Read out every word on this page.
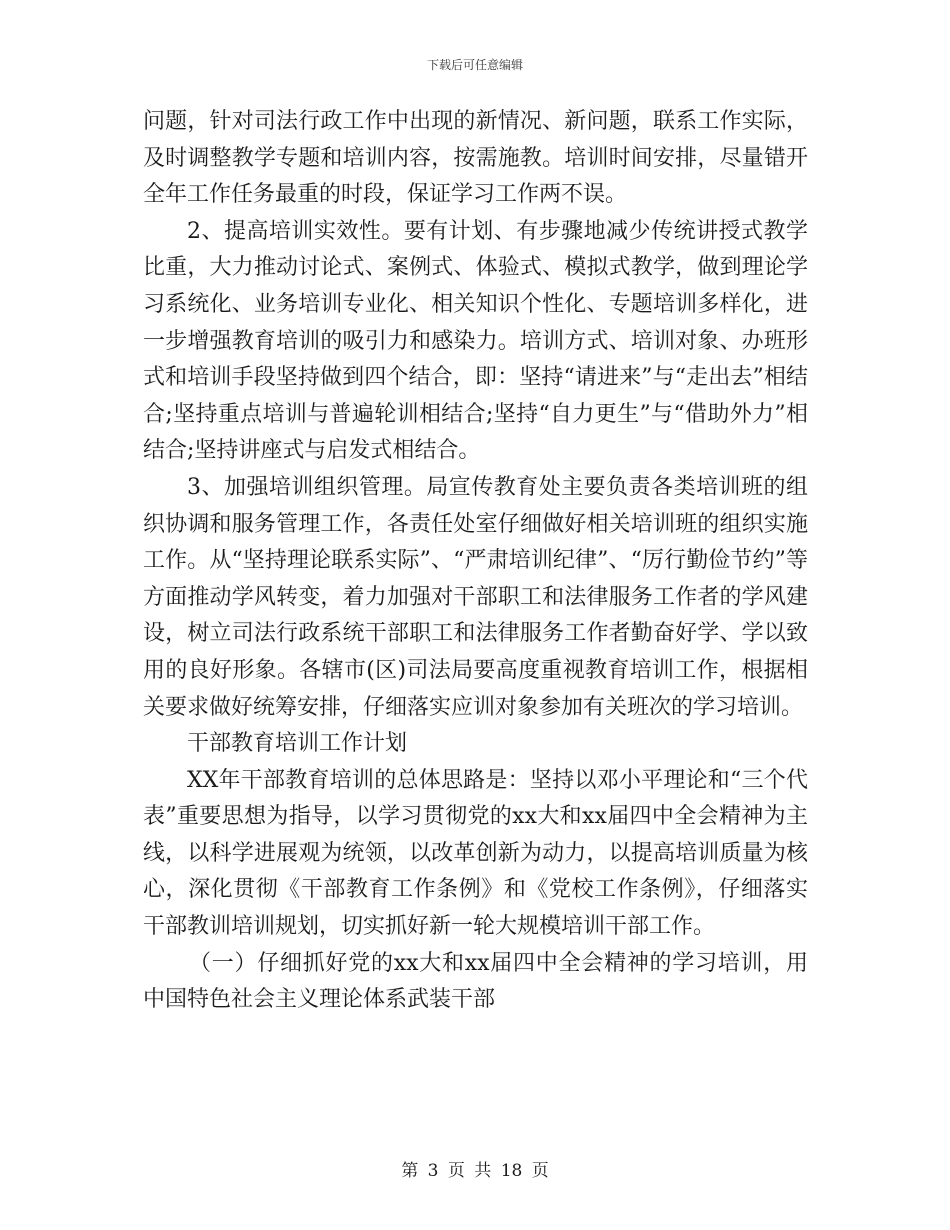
下载后可任意编辑

问题，针对司法行政工作中出现的新情况、新问题，联系工作实际，及时调整教学专题和培训内容，按需施教。培训时间安排，尽量错开全年工作任务最重的时段，保证学习工作两不误。

2、提高培训实效性。要有计划、有步骤地减少传统讲授式教学比重，大力推动讨论式、案例式、体验式、模拟式教学，做到理论学习系统化、业务培训专业化、相关知识个性化、专题培训多样化，进一步增强教育培训的吸引力和感染力。培训方式、培训对象、办班形式和培训手段坚持做到四个结合，即：坚持“请进来”与“走出去”相结合;坚持重点培训与普遍轮训相结合;坚持“自力更生”与“借助外力”相结合;坚持讲座式与启发式相结合。

3、加强培训组织管理。局宣传教育处主要负责各类培训班的组织协调和服务管理工作，各责任处室仔细做好相关培训班的组织实施工作。从“坚持理论联系实际”、“严肃培训纪律”、“厉行勤俭节约”等方面推动学风转变，着力加强对干部职工和法律服务工作者的学风建设，树立司法行政系统干部职工和法律服务工作者勤奋好学、学以致用的良好形象。各辖市(区)司法局要高度重视教育培训工作，根据相关要求做好统筹安排，仔细落实应训对象参加有关班次的学习培训。

干部教育培训工作计划

XX年干部教育培训的总体思路是：坚持以邓小平理论和“三个代表”重要思想为指导，以学习贯彻党的xx大和xx届四中全会精神为主线，以科学进展观为统领，以改革创新为动力，以提高培训质量为核心，深化贯彻《干部教育工作条例》和《党校工作条例》，仔细落实干部教训培训规划，切实抓好新一轮大规模培训干部工作。

（一）仔细抓好党的xx大和xx届四中全会精神的学习培训，用中国特色社会主义理论体系武装干部

第 3 页 共 18 页
